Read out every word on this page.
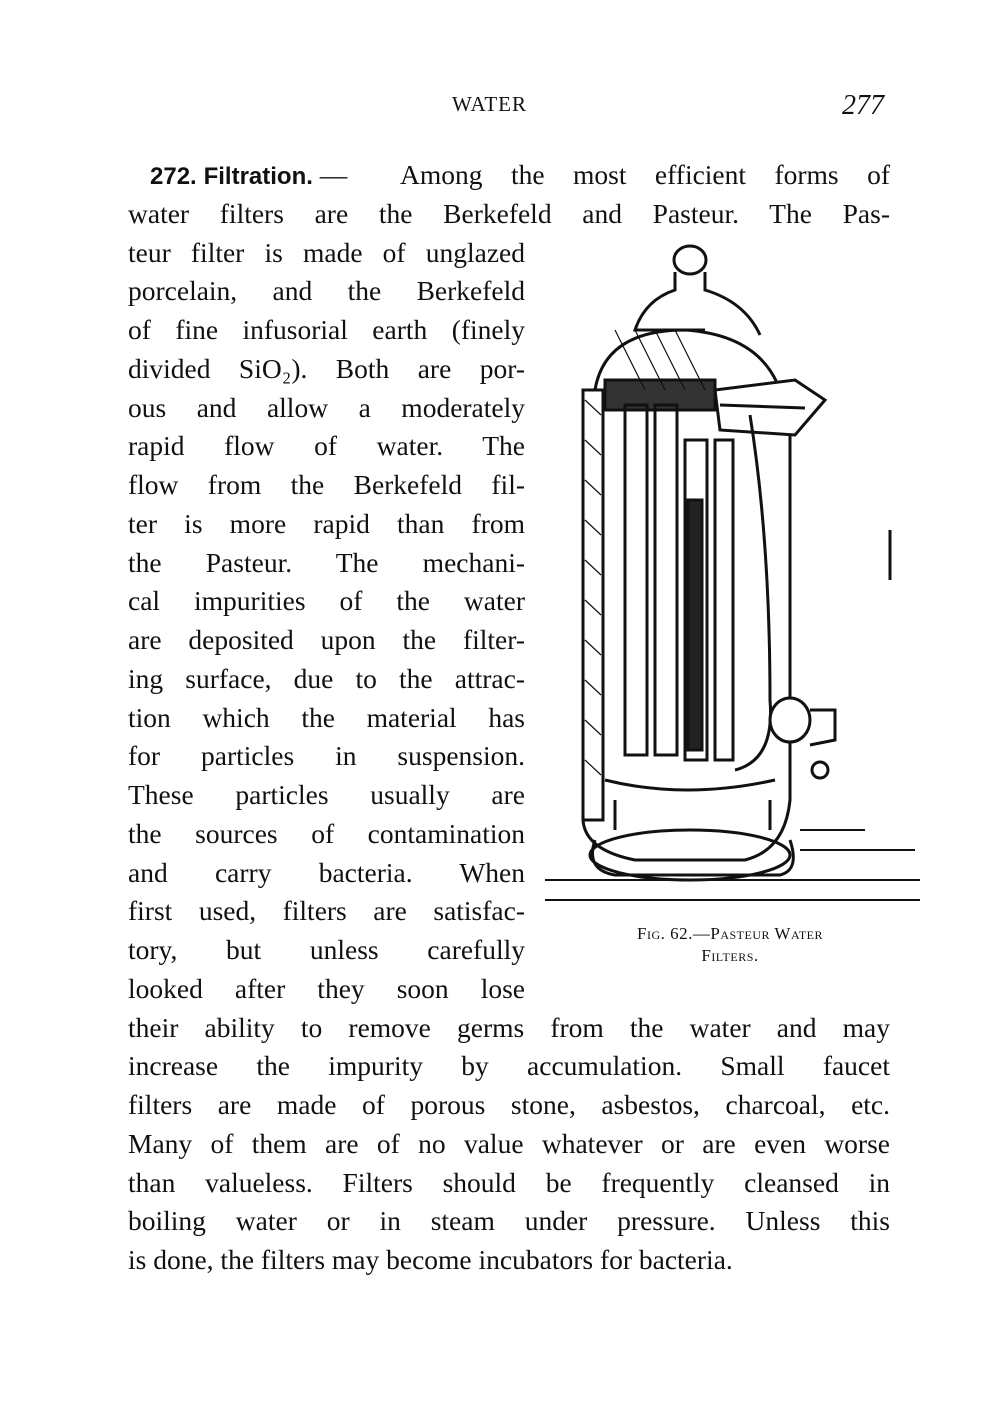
WATER	277
272. Filtration. — Among the most efficient forms of
water filters are the Berkefeld and Pasteur. The Pas-
teur filter is made of unglazed
porcelain, and the Berkefeld
of fine infusorial earth (finely
divided SiO₂). Both are por-
ous and allow a moderately
rapid flow of water. The
flow from the Berkefeld fil-
ter is more rapid than from
the Pasteur. The mechani-
cal impurities of the water
are deposited upon the filter-
ing surface, due to the attrac-
tion which the material has
for particles in suspension.
These particles usually are
the sources of contamination
and carry bacteria. When
first used, filters are satisfac-
tory, but unless carefully
looked after they soon lose
their ability to remove germs from the water and may
increase the impurity by accumulation. Small faucet
filters are made of porous stone, asbestos, charcoal, etc.
Many of them are of no value whatever or are even worse
than valueless. Filters should be frequently cleansed in
boiling water or in steam under pressure. Unless this
is done, the filters may become incubators for bacteria.
Fig. 62.—Pasteur Water
Filters.
